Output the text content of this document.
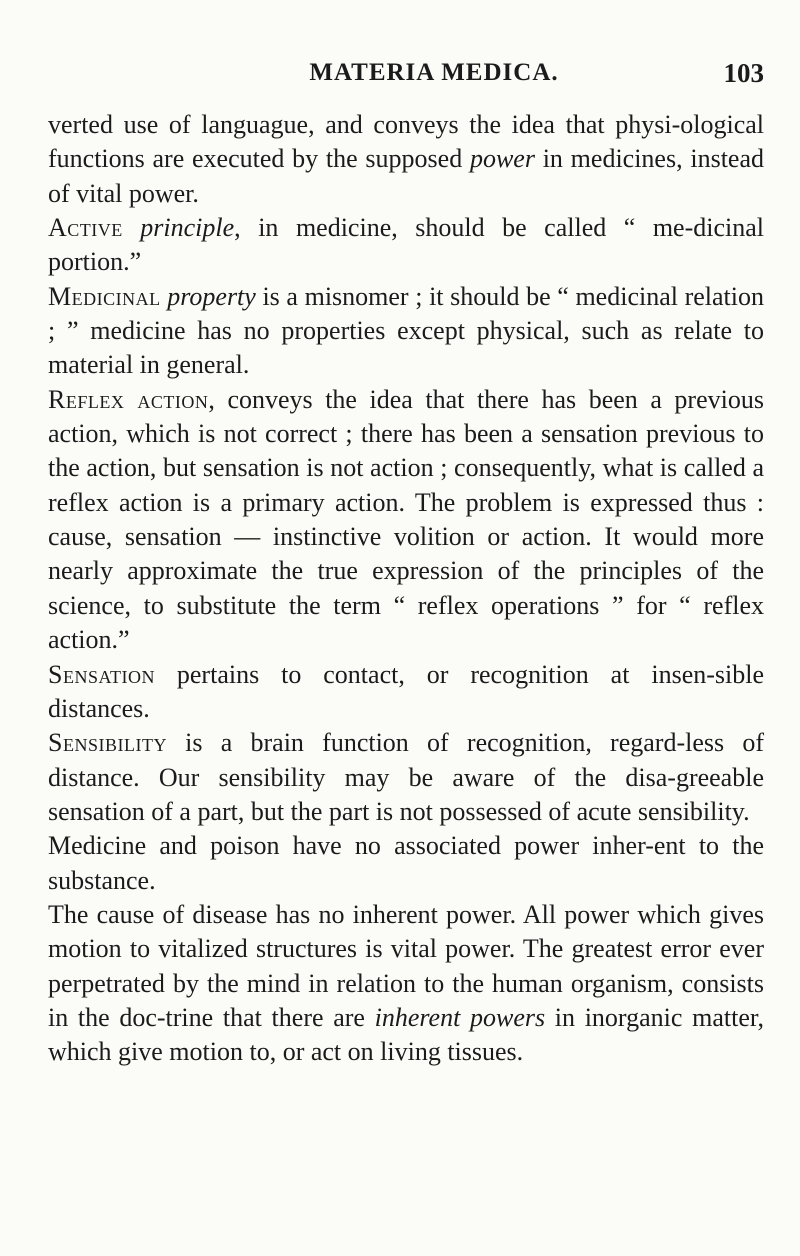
MATERIA MEDICA.	103

verted use of languague, and conveys the idea that physi-ological functions are executed by the supposed power in medicines, instead of vital power.

Active principle, in medicine, should be called “ me-dicinal portion.”

Medicinal property is a misnomer ; it should be “ medicinal relation ; ” medicine has no properties except physical, such as relate to material in general.

Reflex action, conveys the idea that there has been a previous action, which is not correct ; there has been a sensation previous to the action, but sensation is not action ; consequently, what is called a reflex action is a primary action. The problem is expressed thus : cause, sensation — instinctive volition or action. It would more nearly approximate the true expression of the principles of the science, to substitute the term “ reflex operations ” for “ reflex action.”

Sensation pertains to contact, or recognition at insen-sible distances.

Sensibility is a brain function of recognition, regard-less of distance. Our sensibility may be aware of the disa-greeable sensation of a part, but the part is not possessed of acute sensibility.

Medicine and poison have no associated power inher-ent to the substance.

The cause of disease has no inherent power. All power which gives motion to vitalized structures is vital power. The greatest error ever perpetrated by the mind in relation to the human organism, consists in the doc-trine that there are inherent powers in inorganic matter, which give motion to, or act on living tissues.
